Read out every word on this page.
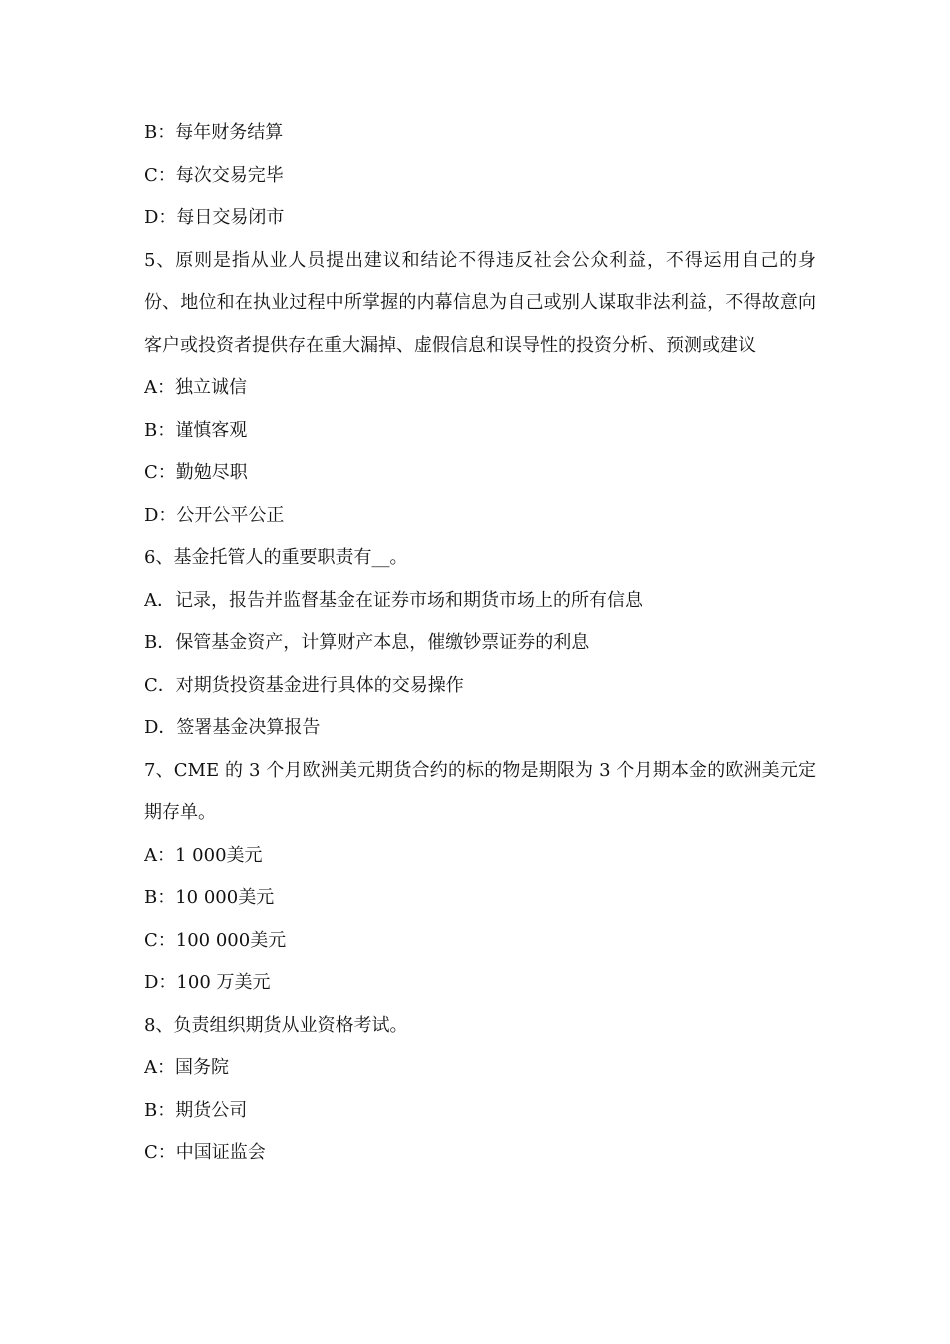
B：每年财务结算
C：每次交易完毕
D：每日交易闭市
5、原则是指从业人员提出建议和结论不得违反社会公众利益，不得运用自己的身份、地位和在执业过程中所掌握的内幕信息为自己或别人谋取非法利益，不得故意向客户或投资者提供存在重大漏掉、虚假信息和误导性的投资分析、预测或建议
A：独立诚信
B：谨慎客观
C：勤勉尽职
D：公开公平公正
6、基金托管人的重要职责有__。
A．记录，报告并监督基金在证券市场和期货市场上的所有信息
B．保管基金资产，计算财产本息，催缴钞票证券的利息
C．对期货投资基金进行具体的交易操作
D．签署基金决算报告
7、CME 的 3 个月欧洲美元期货合约的标的物是期限为 3 个月期本金的欧洲美元定期存单。
A：1 000美元
B：10 000美元
C：100 000美元
D：100 万美元
8、负责组织期货从业资格考试。
A：国务院
B：期货公司
C：中国证监会
